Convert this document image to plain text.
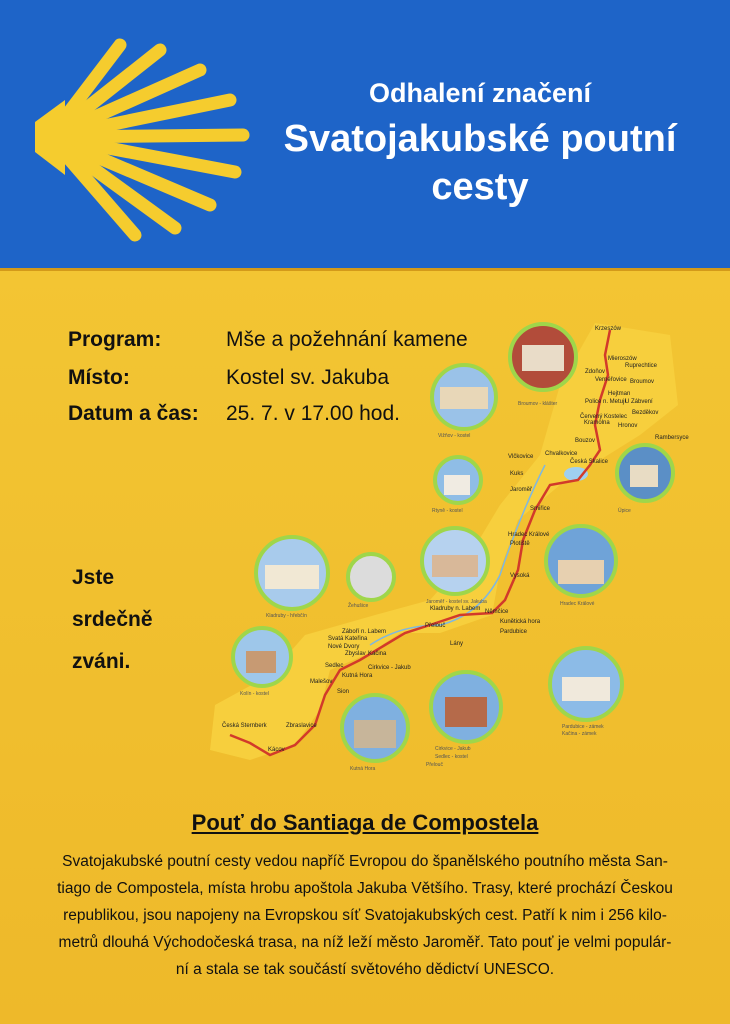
Odhalení značení
Svatojakubské poutní
cesty
Program:	Mše a požehnání kamene
Místo:	Kostel sv. Jakuba
Datum a čas: 25. 7. v 17.00 hod.
Jste
srdečně
zváni.
Krzeszów
Mieroszów
Ruprechtice
Zdoňov
Broumov
Vernéřovice
Hejtman
Police n. Metují
U Zábvení
Bezděkov
Hronov
Kramolna
Červený Kostelec
Bouzov
Chvalkovice
Rambersyce
Vlčkovice
Česká Skalice
Kuks
Jaroměř
Smiřice
Hradec Králové
Plotiště
Vysoká
Němčice
Kunětická hora
Pardubice
Přelouč
Kladruby n. Labem
Lány
Záboří n. Labem
Svatá Kateřina
Nové Dvory
Zbyslav Kačina
Sedlec	Cirkvice - Jakub
Kutná Hora
Malešov
Sion
Zbraslavice
Česká Sternberk
Kácov
Broumov - klášter
Vižňov - kostel
Rtyně - kostel	Úpice
Jaroměř - kostel sv. Jakuba	Hradec Králové
Kutná Hora
Kladruby - hřebčín
Žehušice
Kolín - kostel
Cirkvice - Jakub
Sedlec - kostel
Přelouč
Pardubice - zámek
Kačina - zámek
Pouť do Santiaga de Compostela
Svatojakubské poutní cesty vedou napříč Evropou do španělského poutního města San-
tiago de Compostela, místa hrobu apoštola Jakuba Většího. Trasy, které prochází Českou
republikou, jsou napojeny na Evropskou síť Svatojakubských cest. Patří k nim i 256 kilo-
metrů dlouhá Východočeská trasa, na níž leží město Jaroměř. Tato pouť je velmi populár-
ní a stala se tak součástí světového dědictví UNESCO.
